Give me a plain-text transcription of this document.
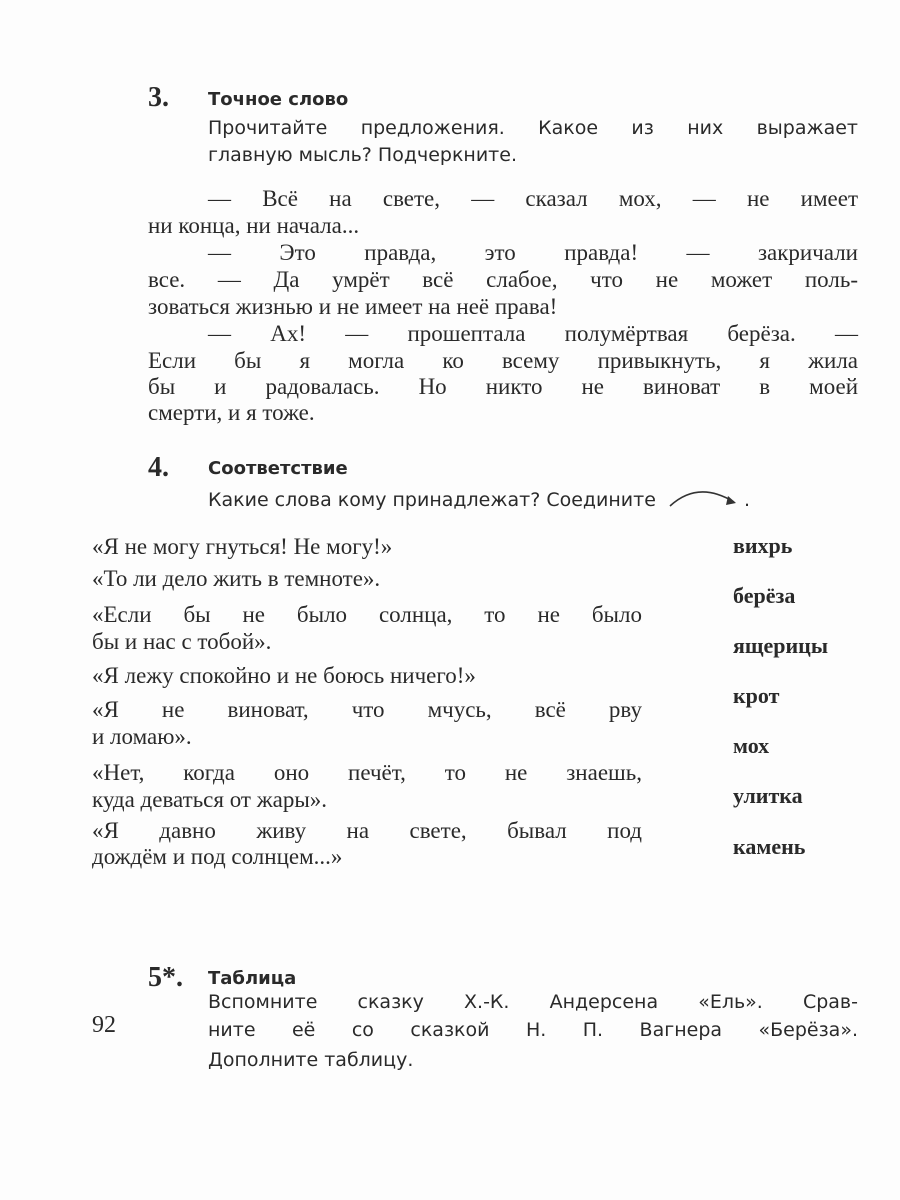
3. Точное слово
Прочитайте предложения. Какое из них выражает
главную мысль? Подчеркните.
— Всё на свете, — сказал мох, — не имеет
ни конца, ни начала...
— Это правда, это правда! — закричали
все. — Да умрёт всё слабое, что не может поль-
зоваться жизнью и не имеет на неё права!
— Ах! — прошептала полумёртвая берёза. —
Если бы я могла ко всему привыкнуть, я жила
бы и радовалась. Но никто не виноват в моей
смерти, и я тоже.
4. Соответствие
Какие слова кому принадлежат? Соедините	.
«Я не могу гнуться! Не могу!»
«То ли дело жить в темноте».
«Если бы не было солнца, то не было
бы и нас с тобой».
«Я лежу спокойно и не боюсь ничего!»
«Я не виноват, что мчусь, всё рву
и ломаю».
«Нет, когда оно печёт, то не знаешь,
куда деваться от жары».
«Я давно живу на свете, бывал под
дождём и под солнцем...»
вихрь
берёза
ящерицы
крот
мох
улитка
камень
5*. Таблица
Вспомните сказку Х.-К. Андерсена «Ель». Срав-
ните её со сказкой Н. П. Вагнера «Берёза».
Дополните таблицу.
92
